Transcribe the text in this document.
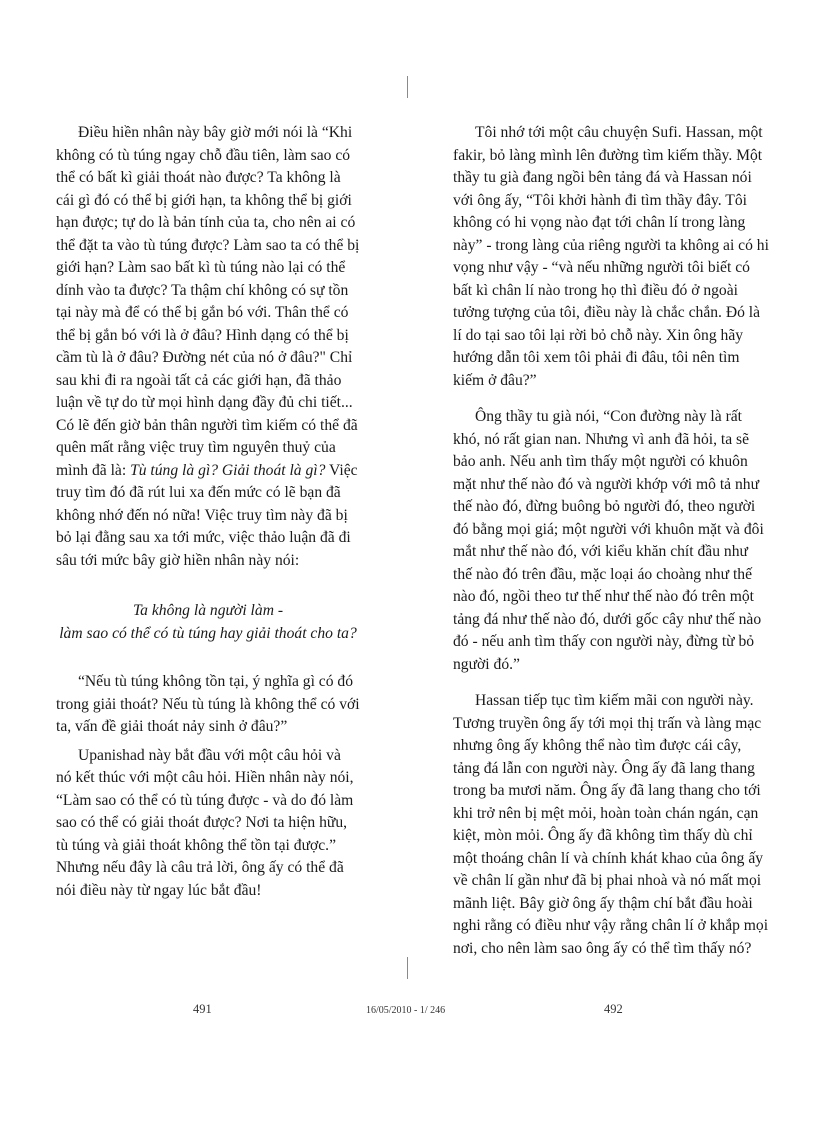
Điều hiền nhân này bây giờ mới nói là “Khi không có tù túng ngay chỗ đầu tiên, làm sao có thể có bất kì giải thoát nào được? Ta không là cái gì đó có thể bị giới hạn, ta không thể bị giới hạn được; tự do là bản tính của ta, cho nên ai có thể đặt ta vào tù túng được? Làm sao ta có thể bị giới hạn? Làm sao bất kì tù túng nào lại có thể dính vào ta được? Ta thậm chí không có sự tồn tại này mà để có thể bị gắn bó với. Thân thể có thể bị gắn bó với là ở đâu? Hình dạng có thể bị cầm tù là ở đâu? Đường nét của nó ở đâu?" Chỉ sau khi đi ra ngoài tất cả các giới hạn, đã thảo luận về tự do từ mọi hình dạng đầy đủ chi tiết... Có lẽ đến giờ bản thân người tìm kiếm có thể đã quên mất rằng việc truy tìm nguyên thuỷ của mình đã là: Tù túng là gì? Giải thoát là gì? Việc truy tìm đó đã rút lui xa đến mức có lẽ bạn đã không nhớ đến nó nữa! Việc truy tìm này đã bị bỏ lại đằng sau xa tới mức, việc thảo luận đã đi sâu tới mức bây giờ hiền nhân này nói:

Ta không là người làm -
làm sao có thể có tù túng hay giải thoát cho ta?

“Nếu tù túng không tồn tại, ý nghĩa gì có đó trong giải thoát? Nếu tù túng là không thể có với ta, vấn đề giải thoát nảy sinh ở đâu?”

Upanishad này bắt đầu với một câu hỏi và nó kết thúc với một câu hỏi. Hiền nhân này nói, “Làm sao có thể có tù túng được - và do đó làm sao có thể có giải thoát được? Nơi ta hiện hữu, tù túng và giải thoát không thể tồn tại được.” Nhưng nếu đây là câu trả lời, ông ấy có thể đã nói điều này từ ngay lúc bắt đầu!

Tôi nhớ tới một câu chuyện Sufi. Hassan, một fakir, bỏ làng mình lên đường tìm kiếm thầy. Một thầy tu già đang ngồi bên tảng đá và Hassan nói với ông ấy, “Tôi khởi hành đi tìm thầy đây. Tôi không có hi vọng nào đạt tới chân lí trong làng này” - trong làng của riêng người ta không ai có hi vọng như vậy - “và nếu những người tôi biết có bất kì chân lí nào trong họ thì điều đó ở ngoài tưởng tượng của tôi, điều này là chắc chắn. Đó là lí do tại sao tôi lại rời bỏ chỗ này. Xin ông hãy hướng dẫn tôi xem tôi phải đi đâu, tôi nên tìm kiếm ở đâu?”

Ông thầy tu già nói, “Con đường này là rất khó, nó rất gian nan. Nhưng vì anh đã hỏi, ta sẽ bảo anh. Nếu anh tìm thấy một người có khuôn mặt như thế nào đó và người khớp với mô tả như thế nào đó, đừng buông bỏ người đó, theo người đó bằng mọi giá; một người với khuôn mặt và đôi mắt như thế nào đó, với kiểu khăn chít đầu như thế nào đó trên đầu, mặc loại áo choàng như thế nào đó, ngồi theo tư thế như thế nào đó trên một tảng đá như thế nào đó, dưới gốc cây như thế nào đó - nếu anh tìm thấy con người này, đừng từ bỏ người đó.”

Hassan tiếp tục tìm kiếm mãi con người này. Tương truyền ông ấy tới mọi thị trấn và làng mạc nhưng ông ấy không thể nào tìm được cái cây, tảng đá lẫn con người này. Ông ấy đã lang thang trong ba mươi năm. Ông ấy đã lang thang cho tới khi trở nên bị mệt mỏi, hoàn toàn chán ngán, cạn kiệt, mòn mỏi. Ông ấy đã không tìm thấy dù chỉ một thoáng chân lí và chính khát khao của ông ấy về chân lí gần như đã bị phai nhoà và nó mất mọi mãnh liệt. Bây giờ ông ấy thậm chí bắt đầu hoài nghi rằng có điều như vậy rằng chân lí ở khắp mọi nơi, cho nên làm sao ông ấy có thể tìm thấy nó?

491	16/05/2010 - 1/ 246	492
